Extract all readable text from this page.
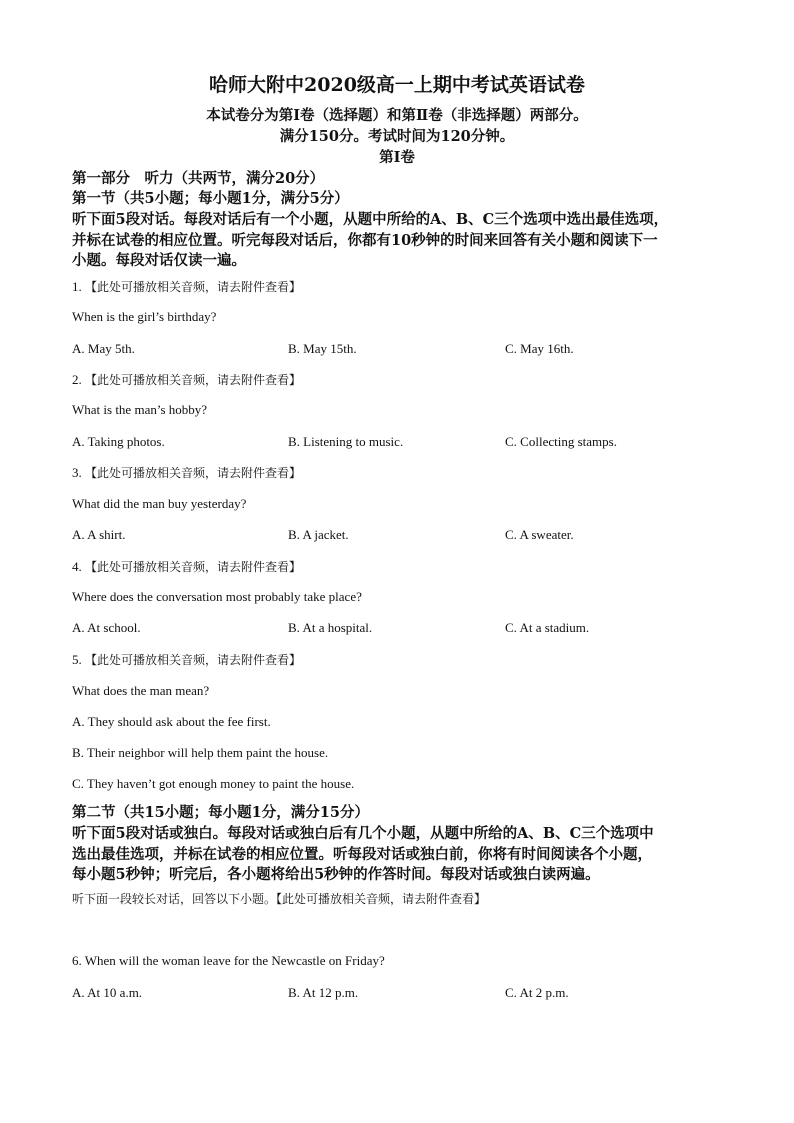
哈师大附中2020级高一上期中考试英语试卷
本试卷分为第Ⅰ卷（选择题）和第Ⅱ卷（非选择题）两部分。
满分150分。考试时间为120分钟。
第Ⅰ卷
第一部分　听力（共两节，满分20分）
第一节（共5小题；每小题1分，满分5分）
听下面5段对话。每段对话后有一个小题，从题中所给的A、B、C三个选项中选出最佳选项，
并标在试卷的相应位置。听完每段对话后，你都有10秒钟的时间来回答有关小题和阅读下一
小题。每段对话仅读一遍。
1. 【此处可播放相关音频，请去附件查看】
When is the girl’s birthday?
A. May 5th.	B. May 15th.	C. May 16th.
2. 【此处可播放相关音频，请去附件查看】
What is the man’s hobby?
A. Taking photos.	B. Listening to music.	C. Collecting stamps.
3. 【此处可播放相关音频，请去附件查看】
What did the man buy yesterday?
A. A shirt.	B. A jacket.	C. A sweater.
4. 【此处可播放相关音频，请去附件查看】
Where does the conversation most probably take place?
A. At school.	B. At a hospital.	C. At a stadium.
5. 【此处可播放相关音频，请去附件查看】
What does the man mean?
A. They should ask about the fee first.
B. Their neighbor will help them paint the house.
C. They haven’t got enough money to paint the house.
第二节（共15小题；每小题1分，满分15分）
听下面5段对话或独白。每段对话或独白后有几个小题，从题中所给的A、B、C三个选项中
选出最佳选项，并标在试卷的相应位置。听每段对话或独白前，你将有时间阅读各个小题，
每小题5秒钟；听完后，各小题将给出5秒钟的作答时间。每段对话或独白读两遍。
听下面一段较长对话，回答以下小题。【此处可播放相关音频，请去附件查看】
6. When will the woman leave for the Newcastle on Friday?
A. At 10 a.m.	B. At 12 p.m.	C. At 2 p.m.
